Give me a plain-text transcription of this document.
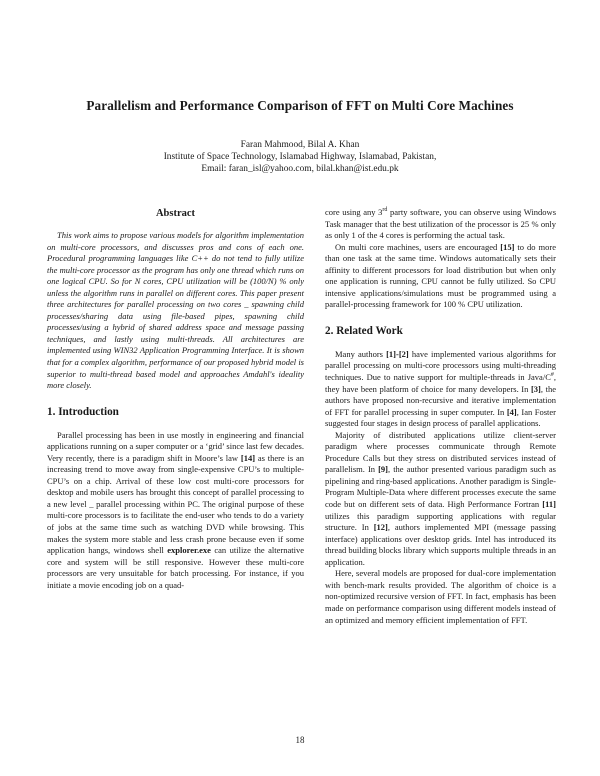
Parallelism and Performance Comparison of FFT on Multi Core Machines
Faran Mahmood, Bilal A. Khan
Institute of Space Technology, Islamabad Highway, Islamabad, Pakistan,
Email: faran_isl@yahoo.com, bilal.khan@ist.edu.pk
Abstract

This work aims to propose various models for algorithm implementation on multi-core processors, and discusses pros and cons of each one. Procedural programming languages like C++ do not tend to fully utilize the multi-core processor as the program has only one thread which runs on one logical CPU. So for N cores, CPU utilization will be (100/N) % only unless the algorithm runs in parallel on different cores. This paper present three architectures for parallel processing on two cores _ spawning child processes/sharing data using file-based pipes, spawning child processes/using a hybrid of shared address space and message passing techniques, and lastly using multi-threads. All architectures are implemented using WIN32 Application Programming Interface. It is shown that for a complex algorithm, performance of our proposed hybrid model is superior to multi-thread based model and approaches Amdahl's ideality more closely.

1. Introduction

Parallel processing has been in use mostly in engineering and financial applications running on a super computer or a ‘grid’ since last few decades. Very recently, there is a paradigm shift in Moore’s law [14] as there is an increasing trend to move away from single-expensive CPU’s to multiple-CPU’s on a chip. Arrival of these low cost multi-core processors for desktop and mobile users has brought this concept of parallel processing to a new level _ parallel processing within PC. The original purpose of these multi-core processors is to facilitate the end-user who tends to do a variety of jobs at the same time such as watching DVD while browsing. This makes the system more stable and less crash prone because even if some application hangs, windows shell explorer.exe can utilize the alternative core and system will be still responsive. However these multi-core processors are very unsuitable for batch processing. For instance, if you initiate a movie encoding job on a quad-

core using any 3rd party software, you can observe using Windows Task manager that the best utilization of the processor is 25 % only as only 1 of the 4 cores is performing the actual task.

On multi core machines, users are encouraged [15] to do more than one task at the same time. Windows automatically sets their affinity to different processors for load distribution but when only one application is running, CPU cannot be fully utilized. So CPU intensive applications/simulations must be programmed using a parallel-processing framework for 100 % CPU utilization.

2. Related Work

Many authors [1]-[2] have implemented various algorithms for parallel processing on multi-core processors using multi-threading techniques. Due to native support for multiple-threads in Java/C#, they have been platform of choice for many developers. In [3], the authors have proposed non-recursive and iterative implementation of FFT for parallel processing in super computer. In [4], Ian Foster suggested four stages in design process of parallel applications.

Majority of distributed applications utilize client-server paradigm where processes communicate through Remote Procedure Calls but they stress on distributed services instead of parallelism. In [9], the author presented various paradigm such as pipelining and ring-based applications. Another paradigm is Single-Program Multiple-Data where different processes execute the same code but on different sets of data. High Performance Fortran [11] utilizes this paradigm supporting applications with regular structure. In [12], authors implemented MPI (message passing interface) applications over desktop grids. Intel has introduced its thread building blocks library which supports multiple threads in an application.

Here, several models are proposed for dual-core implementation with bench-mark results provided. The algorithm of choice is a non-optimized recursive version of FFT. In fact, emphasis has been made on performance comparison using different models instead of an optimized and memory efficient implementation of FFT.

18
